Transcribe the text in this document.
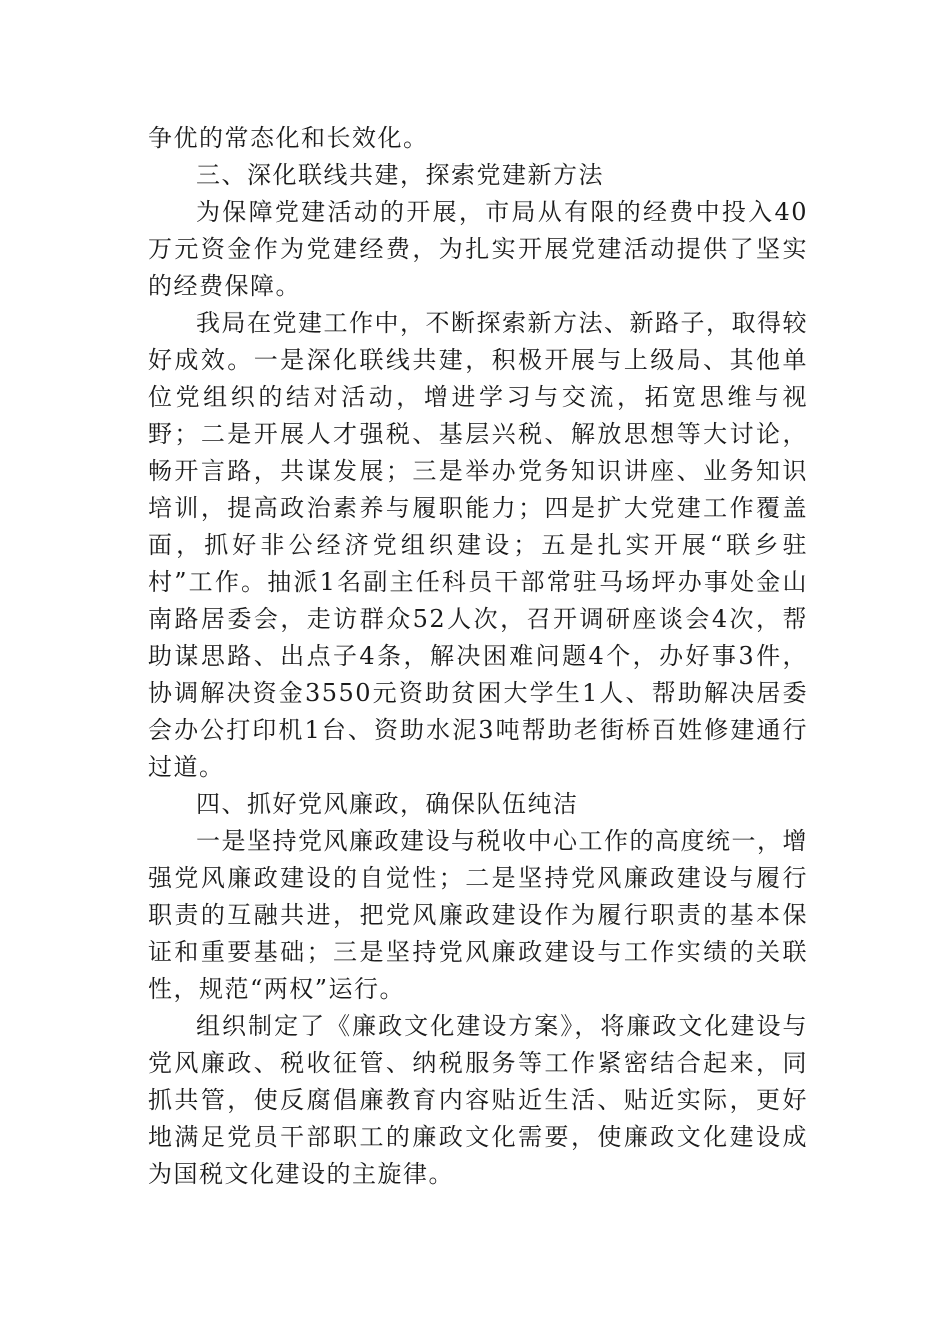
争优的常态化和长效化。

三、深化联线共建，探索党建新方法

为保障党建活动的开展，市局从有限的经费中投入40万元资金作为党建经费，为扎实开展党建活动提供了坚实的经费保障。

我局在党建工作中，不断探索新方法、新路子，取得较好成效。一是深化联线共建，积极开展与上级局、其他单位党组织的结对活动，增进学习与交流，拓宽思维与视野；二是开展人才强税、基层兴税、解放思想等大讨论，畅开言路，共谋发展；三是举办党务知识讲座、业务知识培训，提高政治素养与履职能力；四是扩大党建工作覆盖面，抓好非公经济党组织建设；五是扎实开展“联乡驻村”工作。抽派1名副主任科员干部常驻马场坪办事处金山南路居委会，走访群众52人次，召开调研座谈会4次，帮助谋思路、出点子4条，解决困难问题4个，办好事3件，协调解决资金3550元资助贫困大学生1人、帮助解决居委会办公打印机1台、资助水泥3吨帮助老街桥百姓修建通行过道。

四、抓好党风廉政，确保队伍纯洁

一是坚持党风廉政建设与税收中心工作的高度统一，增强党风廉政建设的自觉性；二是坚持党风廉政建设与履行职责的互融共进，把党风廉政建设作为履行职责的基本保证和重要基础；三是坚持党风廉政建设与工作实绩的关联性，规范“两权”运行。

组织制定了《廉政文化建设方案》，将廉政文化建设与党风廉政、税收征管、纳税服务等工作紧密结合起来，同抓共管，使反腐倡廉教育内容贴近生活、贴近实际，更好地满足党员干部职工的廉政文化需要，使廉政文化建设成为国税文化建设的主旋律。
